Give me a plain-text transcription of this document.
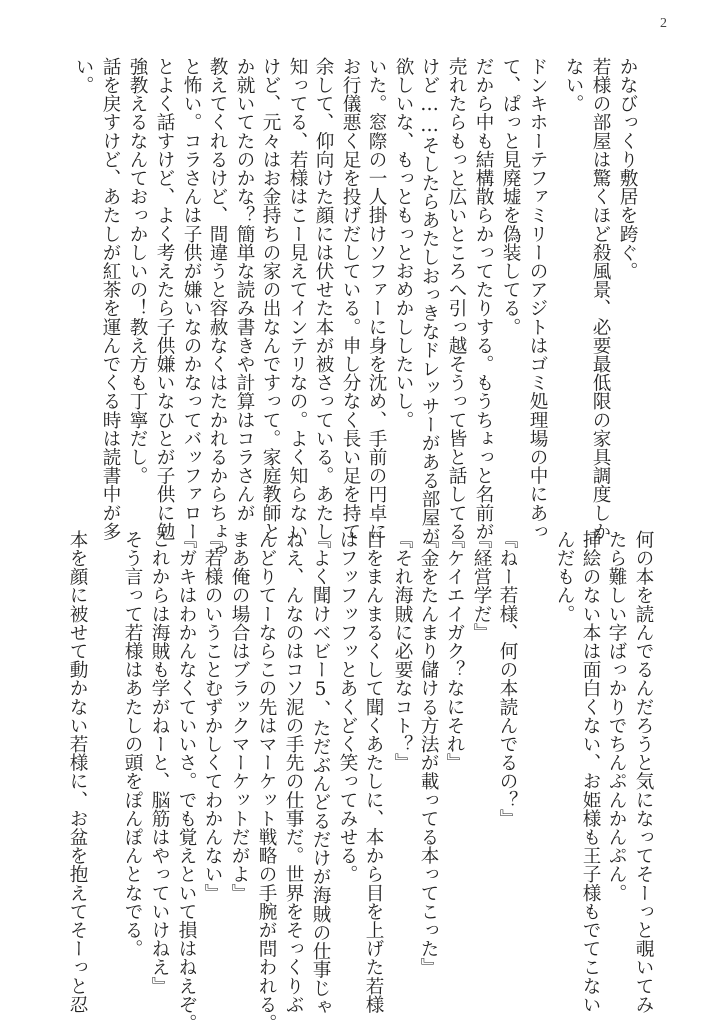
2
かなびっくり敷居を跨ぐ。
若様の部屋は驚くほど殺風景、必要最低限の家具調度しか
ない。
ドンキホーテファミリーのアジトはゴミ処理場の中にあっ
て、ぱっと見廃墟を偽装してる。
だから中も結構散らかってたりする。もうちょっと名前が
売れたらもっと広いところへ引っ越そうって皆と話してる
けど……そしたらあたしおっきなドレッサーがある部屋が
欲しいな、もっともっとおめかししたいし。
いた。窓際の一人掛けソファーに身を沈め、手前の円卓に
お行儀悪く足を投げだしている。申し分なく長い足を持て
余して、仰向けた顔には伏せた本が被さっている。あたし
知ってる、若様はこー見えてインテリなの。よく知らない
けど、元々はお金持ちの家の出なんですって。家庭教師と
か就いてたのかな？簡単な読み書きや計算はコラさんが
教えてくれるけど、間違うと容赦なくはたかれるからちょっ
と怖い。コラさんは子供が嫌いなのかなってバッファロー
とよく話すけど、よく考えたら子供嫌いなひとが子供に勉
強教えるなんておっかしいの！教え方も丁寧だし。
話を戻すけど、あたしが紅茶を運んでくる時は読書中が多
い。
何の本を読んでるんだろうと気になってそーっと覗いてみ
たら難しい字ばっかりでちんぷんかんぷん。
挿絵のない本は面白くない、お姫様も王子様もでてこない
んだもん。
『ねー若様、何の本読んでるの？』
『経営学だ』
『ケイエイガク？なにそれ』
『金をたんまり儲ける方法が載ってる本ってこった』
『それ海賊に必要なコト？』
目をまんまるくして聞くあたしに、本から目を上げた若様
はフッフッフッとあくどく笑ってみせる。
『よく聞けベビー5、ただぶんどるだけが海賊の仕事じゃ
ねえ、んなのはコソ泥の手先の仕事だ。世界をそっくりぶ
んどりてーならこの先はマーケット戦略の手腕が問われる。
まあ俺の場合はブラックマーケットだがよ』
『若様のいうことむずかしくてわかんない』
『ガキはわかんなくていいさ。でも覚えといて損はねえぞ。
これからは海賊も学がねーと、脳筋はやっていけねえ』
そう言って若様はあたしの頭をぽんぽんとなでる。
本を顔に被せて動かない若様に、お盆を抱えてそーっと忍
